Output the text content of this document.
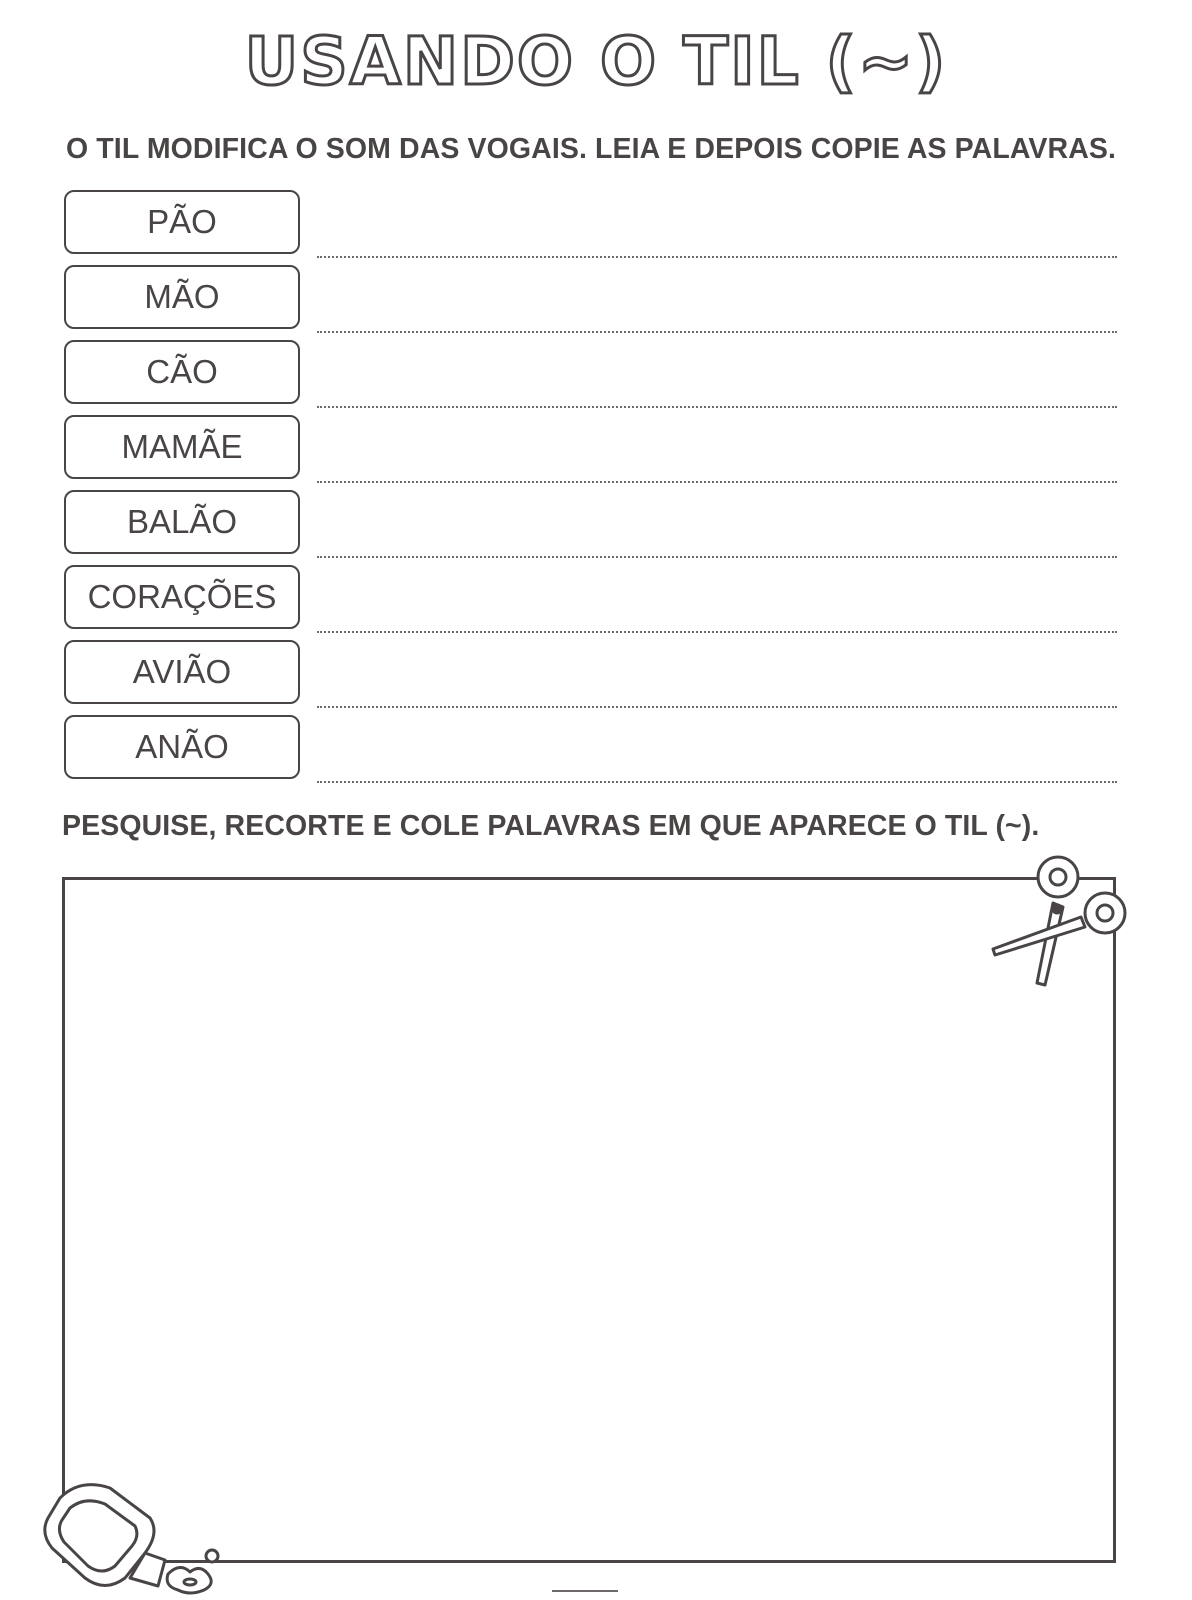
USANDO O TIL (~)
O TIL MODIFICA O SOM DAS VOGAIS. LEIA E DEPOIS COPIE AS PALAVRAS.
PÃO
MÃO
CÃO
MAMÃE
BALÃO
CORAÇÕES
AVIÃO
ANÃO
PESQUISE, RECORTE E COLE PALAVRAS EM QUE APARECE O TIL (~).
